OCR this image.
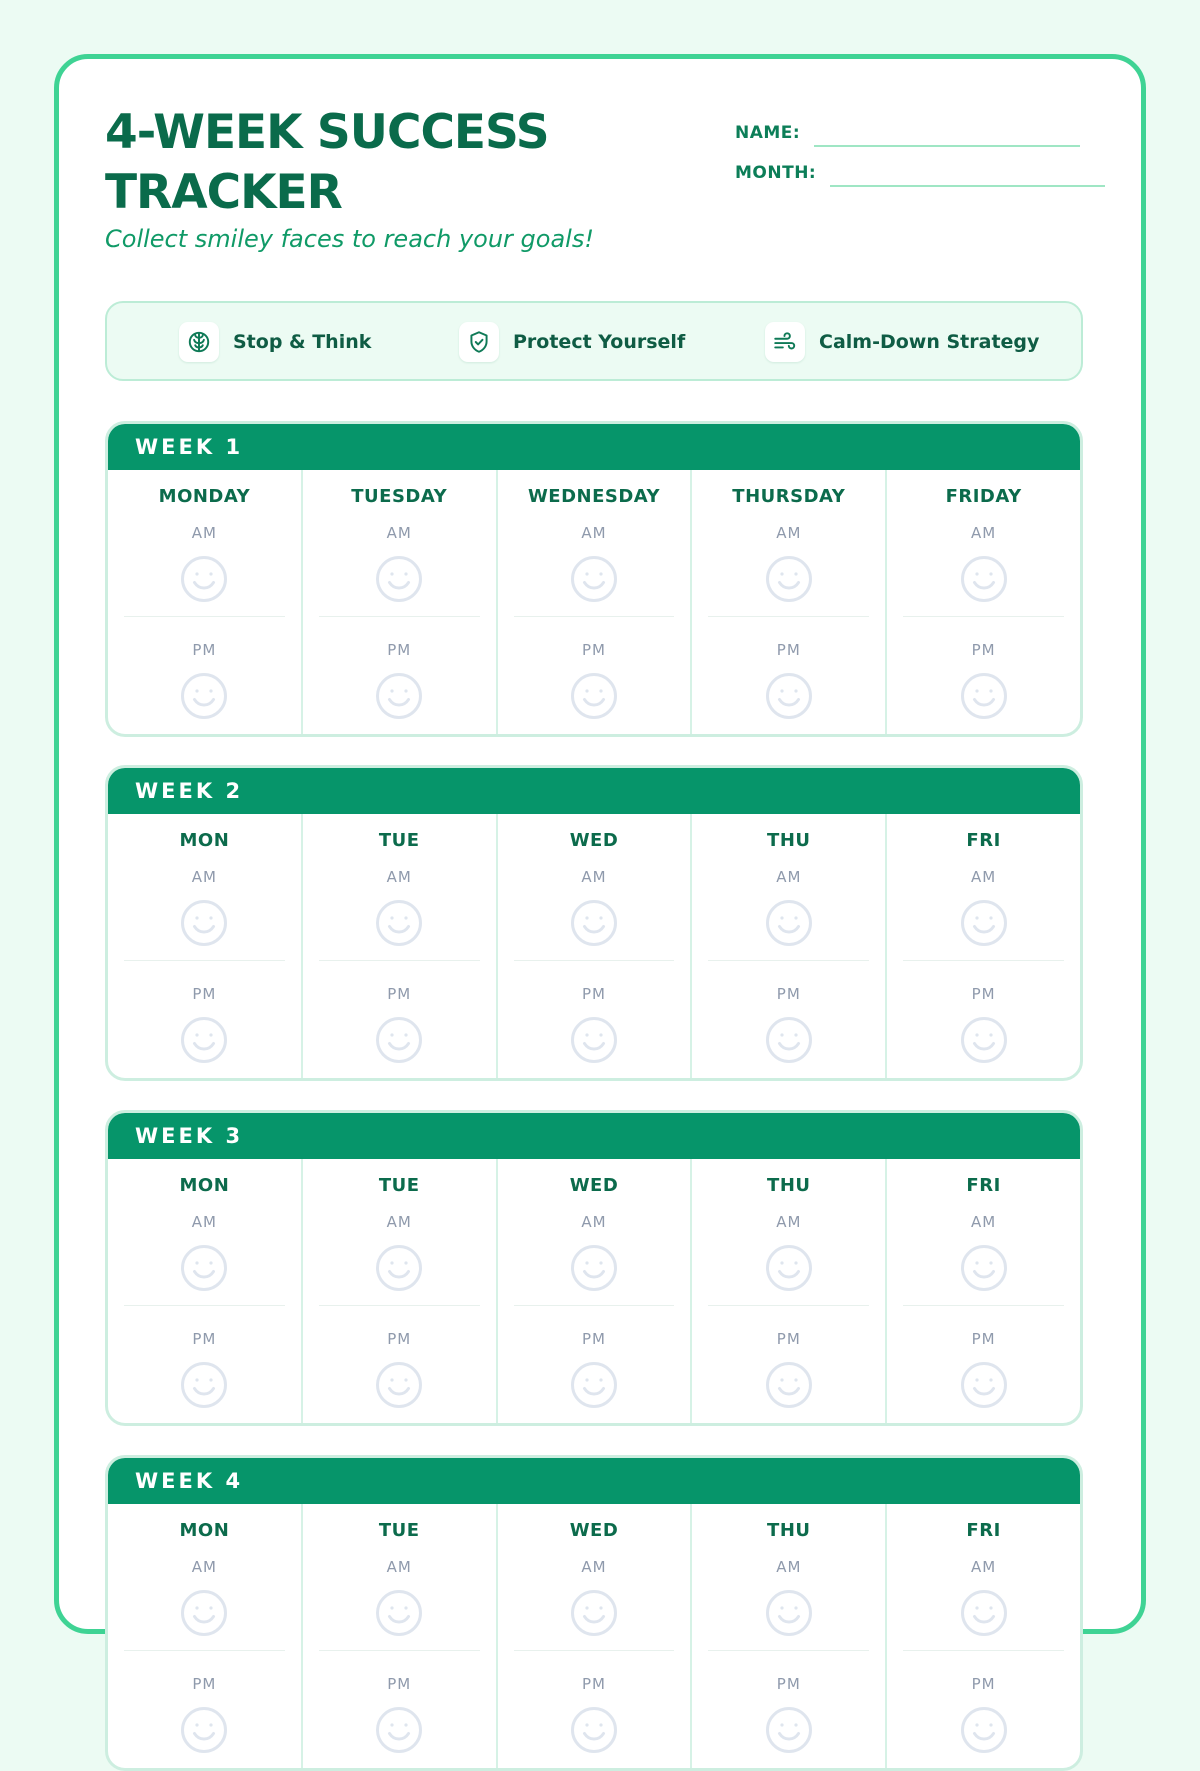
4-WEEK SUCCESS TRACKER
Collect smiley faces to reach your goals!
NAME:
MONTH:
Stop & Think	Protect Yourself	Calm-Down Strategy
WEEK 1
MONDAY
AM
PM
TUESDAY
AM
PM
WEDNESDAY
AM
PM
THURSDAY
AM
PM
FRIDAY
AM
PM
WEEK 2
MON
AM
PM
TUE
AM
PM
WED
AM
PM
THU
AM
PM
FRI
AM
PM
WEEK 3
MON
AM
PM
TUE
AM
PM
WED
AM
PM
THU
AM
PM
FRI
AM
PM
WEEK 4
MON
AM
PM
TUE
AM
PM
WED
AM
PM
THU
AM
PM
FRI
AM
PM
